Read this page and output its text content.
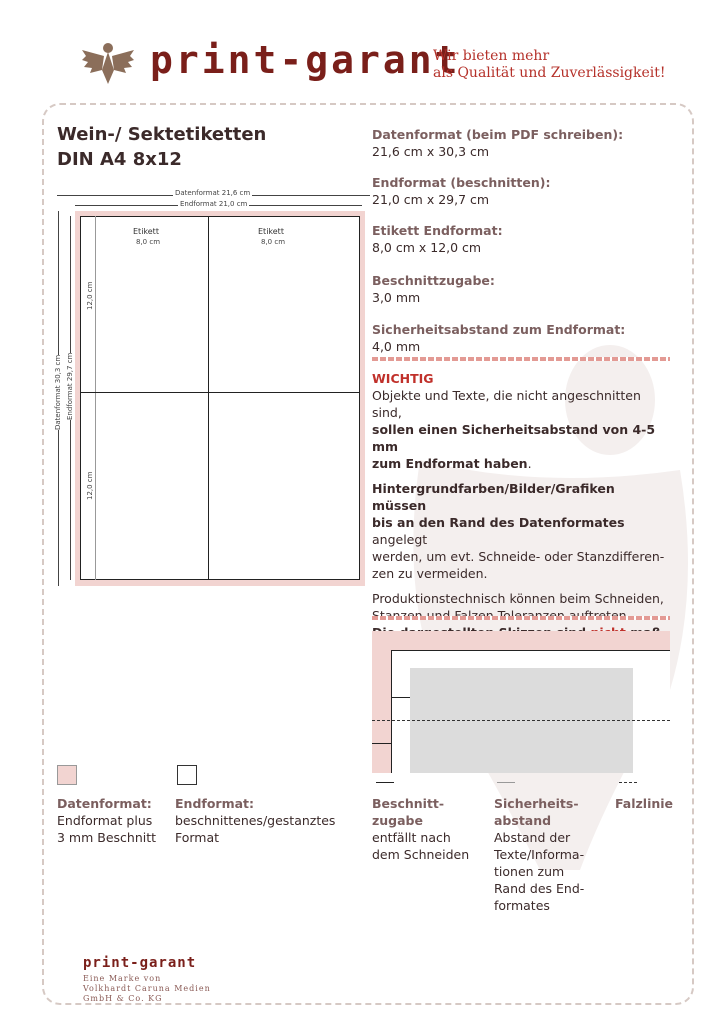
print-garant
Wir bieten mehr
als Qualität und Zuverlässigkeit!
Wein-/ Sektetiketten
DIN A4 8x12
Datenformat 21,6 cm
Endformat 21,0 cm
Etikett
8,0 cm
Etikett
8,0 cm
Datenformat 30,3 cm Endformat 29,7 cm
12,0 cm
12,0 cm
Datenformat (beim PDF schreiben):
21,6 cm x 30,3 cm
Endformat (beschnitten):
21,0 cm x 29,7 cm
Etikett Endformat:
8,0 cm x 12,0 cm
Beschnittzugabe:
3,0 mm
Sicherheitsabstand zum Endformat:
4,0 mm
WICHTIG
Objekte und Texte, die nicht angeschnitten sind,
sollen einen Sicherheitsabstand von 4-5 mm
zum Endformat haben.
Hintergrundfarben/Bilder/Grafiken müssen
bis an den Rand des Datenformates angelegt
werden, um evt. Schneide- oder Stanzdifferen-
zen zu vermeiden.
Produktionstechnisch können beim Schneiden,
Datenformat:
Endformat plus
3 mm Beschnitt
Endformat:
beschnittenes/gestanztes
Format
Beschnitt-
zugabe
entfällt nach
dem Schneiden
Sicherheits-
abstand
Abstand der
Texte/Informa-
tionen zum
Rand des End-
formates
Falzlinie
print-garant
Eine Marke von
Volkhardt Caruna Medien
GmbH & Co. KG
